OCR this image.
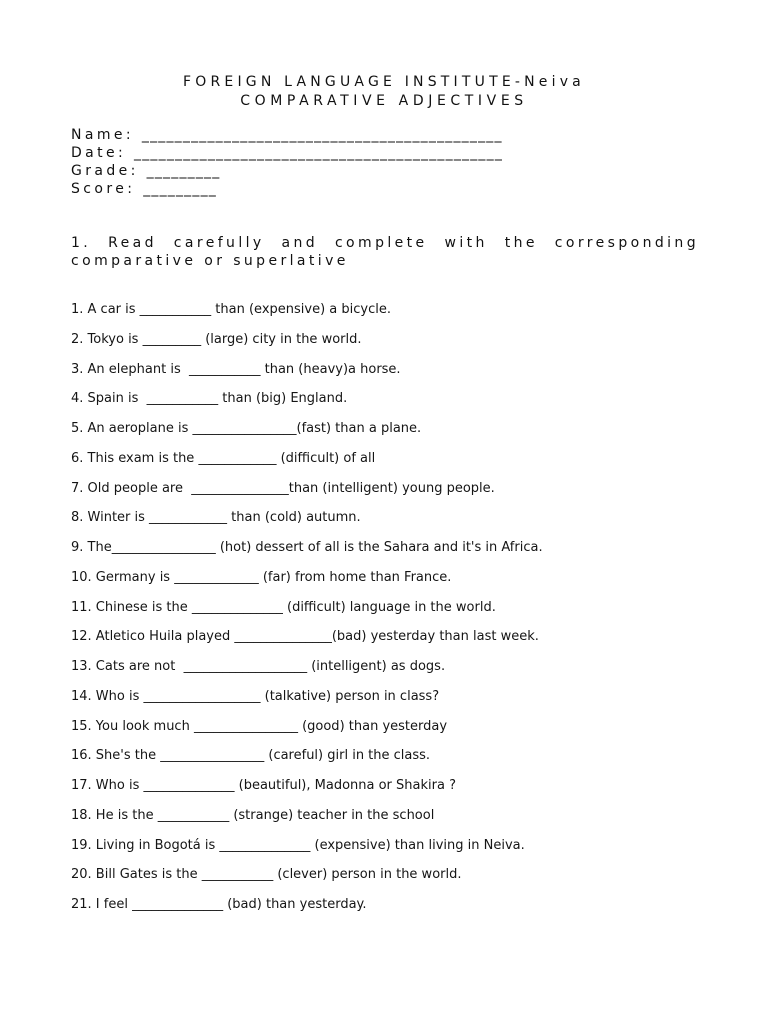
FOREIGN LANGUAGE INSTITUTE-Neiva
COMPARATIVE ADJECTIVES
Name: ____________________________________________
Date: _____________________________________________
Grade: _________
Score: _________
1. Read carefully and complete with the corresponding
comparative or superlative
1. A car is ___________ than (expensive) a bicycle.
2. Tokyo is _________ (large) city in the world.
3. An elephant is  ___________ than (heavy)a horse.
4. Spain is  ___________ than (big) England.
5. An aeroplane is ________________(fast) than a plane.
6. This exam is the ____________ (difficult) of all
7. Old people are  _______________than (intelligent) young people.
8. Winter is ____________ than (cold) autumn.
9. The________________ (hot) dessert of all is the Sahara and it's in Africa.
10. Germany is _____________ (far) from home than France.
11. Chinese is the ______________ (difficult) language in the world.
12. Atletico Huila played _______________(bad) yesterday than last week.
13. Cats are not  ___________________ (intelligent) as dogs.
14. Who is __________________ (talkative) person in class?
15. You look much ________________ (good) than yesterday
16. She's the ________________ (careful) girl in the class.
17. Who is ______________ (beautiful), Madonna or Shakira ?
18. He is the ___________ (strange) teacher in the school
19. Living in Bogotá is ______________ (expensive) than living in Neiva.
20. Bill Gates is the ___________ (clever) person in the world.
21. I feel ______________ (bad) than yesterday.
